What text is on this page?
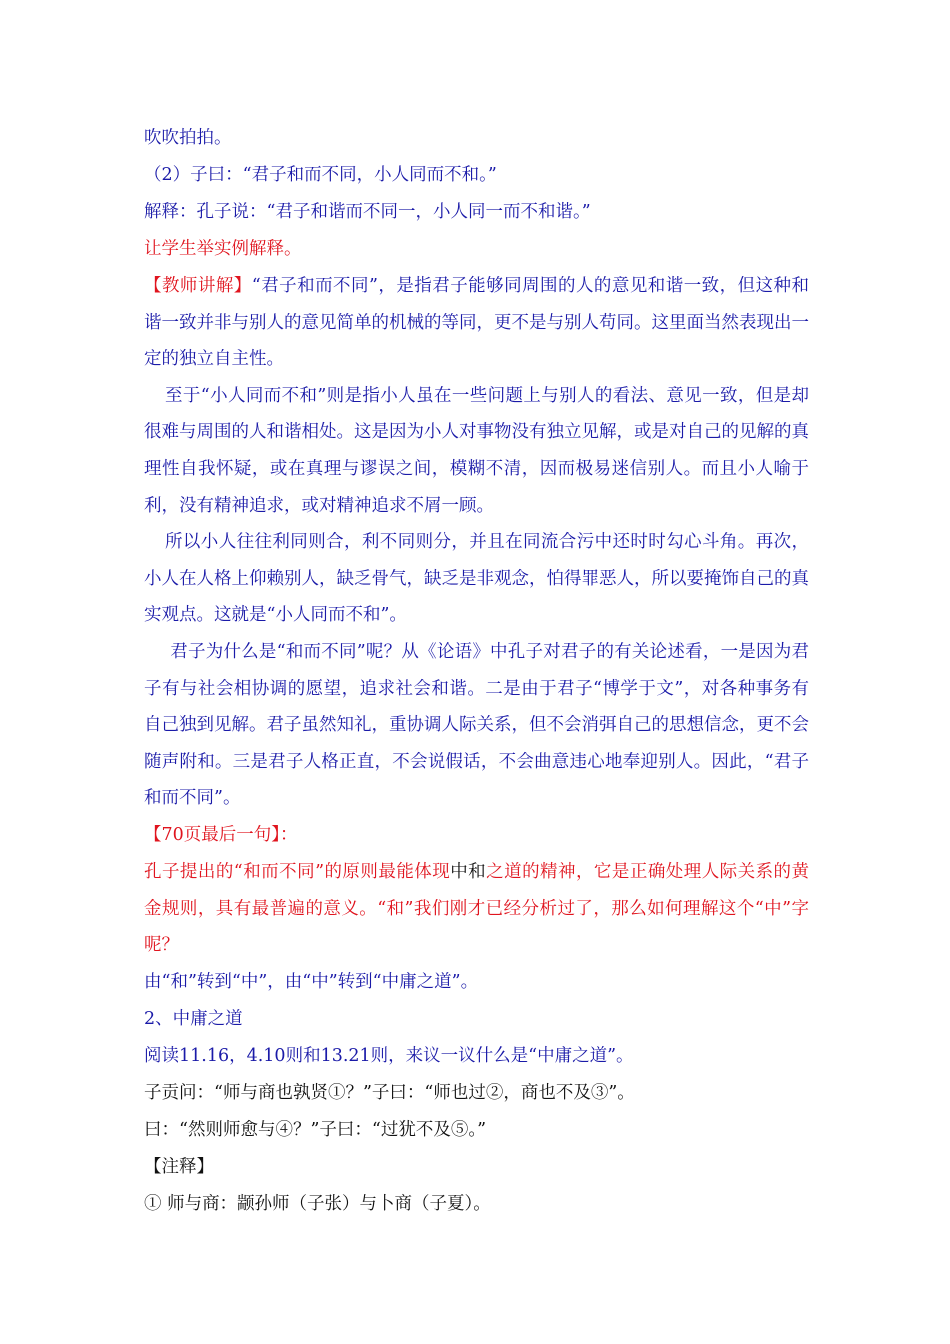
吹吹拍拍。
（2）子曰：“君子和而不同，小人同而不和。”
解释：孔子说：“君子和谐而不同一，小人同一而不和谐。”
让学生举实例解释。

【教师讲解】“君子和而不同”，是指君子能够同周围的人的意见和谐一致，但这种和谐一致并非与别人的意见简单的机械的等同，更不是与别人苟同。这里面当然表现出一定的独立自主性。

至于“小人同而不和”则是指小人虽在一些问题上与别人的看法、意见一致，但是却很难与周围的人和谐相处。这是因为小人对事物没有独立见解，或是对自己的见解的真理性自我怀疑，或在真理与谬误之间，模糊不清，因而极易迷信别人。而且小人喻于利，没有精神追求，或对精神追求不屑一顾。

所以小人往往利同则合，利不同则分，并且在同流合污中还时时勾心斗角。再次，小人在人格上仰赖别人，缺乏骨气，缺乏是非观念，怕得罪恶人，所以要掩饰自己的真实观点。这就是“小人同而不和”。

君子为什么是“和而不同”呢？从《论语》中孔子对君子的有关论述看，一是因为君子有与社会相协调的愿望，追求社会和谐。二是由于君子“博学于文”，对各种事务有自己独到见解。君子虽然知礼，重协调人际关系，但不会消弭自己的思想信念，更不会随声附和。三是君子人格正直，不会说假话，不会曲意违心地奉迎别人。因此，“君子和而不同”。

【70页最后一句】：

孔子提出的“和而不同”的原则最能体现中和之道的精神，它是正确处理人际关系的黄金规则，具有最普遍的意义。“和”我们刚才已经分析过了，那么如何理解这个“中”字呢？

由“和”转到“中”，由“中”转到“中庸之道”。
2、中庸之道
阅读11.16，4.10则和13.21则，来议一议什么是“中庸之道”。
子贡问：“师与商也孰贤①？”子曰：“师也过②，商也不及③”。
曰：“然则师愈与④？”子曰：“过犹不及⑤。”
【注释】
① 师与商：颛孙师（子张）与卜商（子夏）。
